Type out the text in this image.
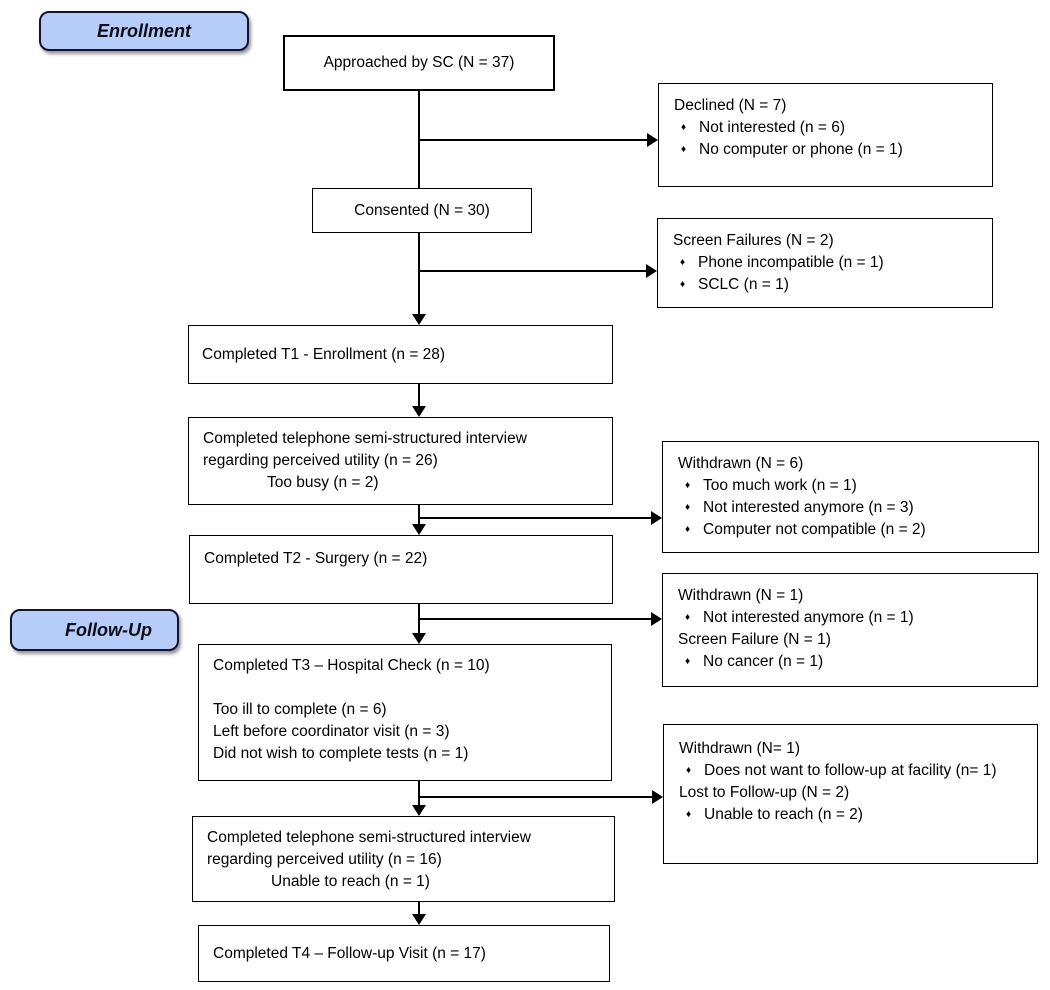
Enrollment
Follow-Up
Approached by SC (N = 37)
Consented (N = 30)
Completed T1 - Enrollment (n = 28)
Completed telephone semi-structured interview
regarding perceived utility (n = 26)
Too busy (n = 2)
Completed T2 - Surgery (n = 22)
Completed T3 – Hospital Check (n = 10)
Too ill to complete (n = 6)
Left before coordinator visit (n = 3)
Did not wish to complete tests (n = 1)
Completed telephone semi-structured interview
regarding perceived utility (n = 16)
Unable to reach (n = 1)
Completed T4 – Follow-up Visit (n = 17)
Declined (N = 7)
♦ Not interested (n = 6)
♦ No computer or phone (n = 1)
Screen Failures (N = 2)
♦ Phone incompatible (n = 1)
♦ SCLC (n = 1)
Withdrawn (N = 6)
♦ Too much work (n = 1)
♦ Not interested anymore (n = 3)
♦ Computer not compatible (n = 2)
Withdrawn (N = 1)
♦ Not interested anymore (n = 1)
Screen Failure (N = 1)
♦ No cancer (n = 1)
Withdrawn (N= 1)
♦ Does not want to follow-up at facility (n= 1)
Lost to Follow-up (N = 2)
♦ Unable to reach (n = 2)
